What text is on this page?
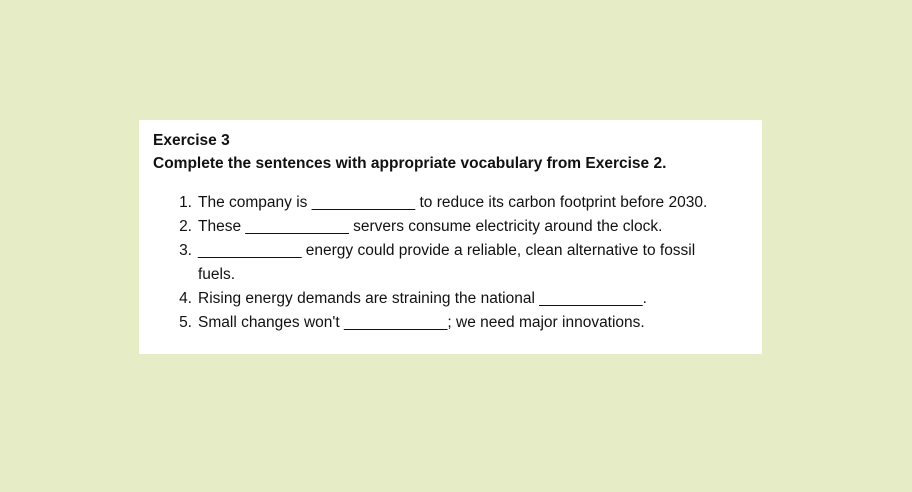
Exercise 3

Complete the sentences with appropriate vocabulary from Exercise 2.

1. The company is ____________ to reduce its carbon footprint before 2030.
2. These ____________ servers consume electricity around the clock.
3. ____________ energy could provide a reliable, clean alternative to fossil fuels.
4. Rising energy demands are straining the national ____________.
5. Small changes won't ____________; we need major innovations.
